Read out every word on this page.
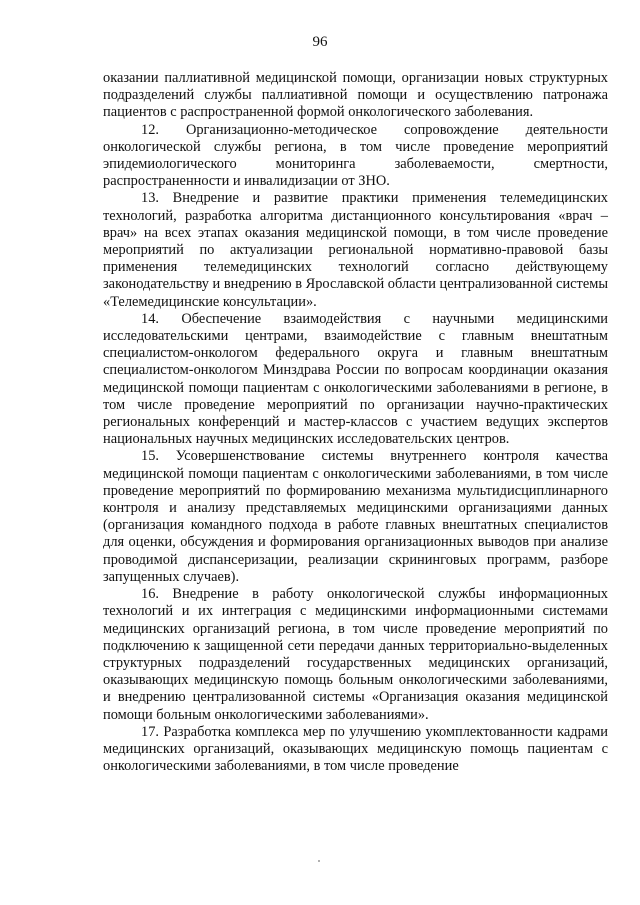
96

оказании паллиативной медицинской помощи, организации новых структурных подразделений службы паллиативной помощи и осуществлению патронажа пациентов с распространенной формой онкологического заболевания.

12. Организационно-методическое сопровождение деятельности онкологической службы региона, в том числе проведение мероприятий эпидемиологического мониторинга заболеваемости, смертности, распространенности и инвалидизации от ЗНО.

13. Внедрение и развитие практики применения телемедицинских технологий, разработка алгоритма дистанционного консультирования «врач – врач» на всех этапах оказания медицинской помощи, в том числе проведение мероприятий по актуализации региональной нормативно-правовой базы применения телемедицинских технологий согласно действующему законодательству и внедрению в Ярославской области централизованной системы «Телемедицинские консультации».

14. Обеспечение взаимодействия с научными медицинскими исследовательскими центрами, взаимодействие с главным внештатным специалистом-онкологом федерального округа и главным внештатным специалистом-онкологом Минздрава России по вопросам координации оказания медицинской помощи пациентам с онкологическими заболеваниями в регионе, в том числе проведение мероприятий по организации научно-практических региональных конференций и мастер-классов с участием ведущих экспертов национальных научных медицинских исследовательских центров.

15. Усовершенствование системы внутреннего контроля качества медицинской помощи пациентам с онкологическими заболеваниями, в том числе проведение мероприятий по формированию механизма мультидисциплинарного контроля и анализу представляемых медицинскими организациями данных (организация командного подхода в работе главных внештатных специалистов для оценки, обсуждения и формирования организационных выводов при анализе проводимой диспансеризации, реализации скрининговых программ, разборе запущенных случаев).

16. Внедрение в работу онкологической службы информационных технологий и их интеграция с медицинскими информационными системами медицинских организаций региона, в том числе проведение мероприятий по подключению к защищенной сети передачи данных территориально-выделенных структурных подразделений государственных медицинских организаций, оказывающих медицинскую помощь больным онкологическими заболеваниями, и внедрению централизованной системы «Организация оказания медицинской помощи больным онкологическими заболеваниями».

17. Разработка комплекса мер по улучшению укомплектованности кадрами медицинских организаций, оказывающих медицинскую помощь пациентам с онкологическими заболеваниями, в том числе проведение
